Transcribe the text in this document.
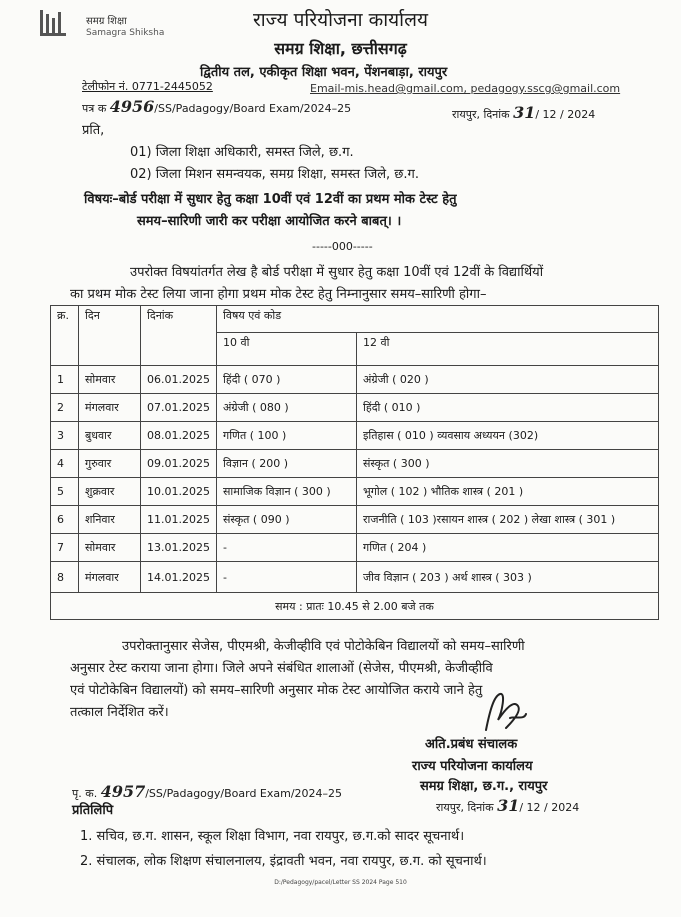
समग्र शिक्षा
Samagra Shiksha
राज्य परियोजना कार्यालय
समग्र शिक्षा, छत्तीसगढ़
द्वितीय तल, एकीकृत शिक्षा भवन, पेंशनबाड़ा, रायपुर
टेलीफोन नं. 0771-2445052	Email-mis.head@gmail.com, pedagogy.sscg@gmail.com
पत्र क 4956/SS/Padagogy/Board Exam/2024–25	रायपुर, दिनांक 31/ 12 / 2024
प्रति,
01) जिला शिक्षा अधिकारी, समस्त जिले, छ.ग.
02) जिला मिशन समन्वयक, समग्र शिक्षा, समस्त जिले, छ.ग.
विषयः–बोर्ड परीक्षा में सुधार हेतु कक्षा 10वीं एवं 12वीं का प्रथम मोक टेस्ट हेतु
समय–सारिणी जारी कर परीक्षा आयोजित करने बाबत्। ।
-----000-----
उपरोक्त विषयांतर्गत लेख है बोर्ड परीक्षा में सुधार हेतु कक्षा 10वीं एवं 12वीं के विद्यार्थियों
का प्रथम मोक टेस्ट लिया जाना होगा प्रथम मोक टेस्ट हेतु निम्नानुसार समय–सारिणी होगा–
क्र.	दिन	दिनांक	विषय एवं कोड	
			10 वी	12 वी
1	सोमवार	06.01.2025	हिंदी ( 070 )	अंग्रेजी ( 020 )
2	मंगलवार	07.01.2025	अंग्रेजी ( 080 )	हिंदी ( 010 )
3	बुधवार	08.01.2025	गणित ( 100 )	इतिहास ( 010 ) व्यवसाय अध्ययन (302)
4	गुरुवार	09.01.2025	विज्ञान ( 200 )	संस्कृत ( 300 )
5	शुक्रवार	10.01.2025	सामाजिक विज्ञान ( 300 )	भूगोल ( 102 ) भौतिक शास्त्र ( 201 )
6	शनिवार	11.01.2025	संस्कृत ( 090 )	राजनीति ( 103 )रसायन शास्त्र ( 202 ) लेखा शास्त्र ( 301 )
7	सोमवार	13.01.2025	-	गणित ( 204 )
8	मंगलवार	14.01.2025	-	जीव विज्ञान ( 203 ) अर्थ शास्त्र ( 303 )
समय : प्रातः 10.45 से 2.00 बजे तक				
उपरोक्तानुसार सेजेस, पीएमश्री, केजीव्हीवि एवं पोटोकेबिन विद्यालयों को समय–सारिणी
अनुसार टेस्ट कराया जाना होगा। जिले अपने संबंधित शालाओं (सेजेस, पीएमश्री, केजीव्हीवि
एवं पोटोकेबिन विद्यालयों) को समय–सारिणी अनुसार मोक टेस्ट आयोजित कराये जाने हेतु
तत्काल निर्देशित करें।
अति.प्रबंध संचालक
राज्य परियोजना कार्यालय
समग्र शिक्षा, छ.ग., रायपुर
रायपुर, दिनांक 31/ 12 / 2024
पृ. क. 4957/SS/Padagogy/Board Exam/2024–25
प्रतिलिपि
1. सचिव, छ.ग. शासन, स्कूल शिक्षा विभाग, नवा रायपुर, छ.ग.को सादर सूचनार्थ।
2. संचालक, लोक शिक्षण संचालनालय, इंद्रावती भवन, नवा रायपुर, छ.ग. को सूचनार्थ।
D:/Pedagogy/pacel/Letter SS 2024 Page 510
